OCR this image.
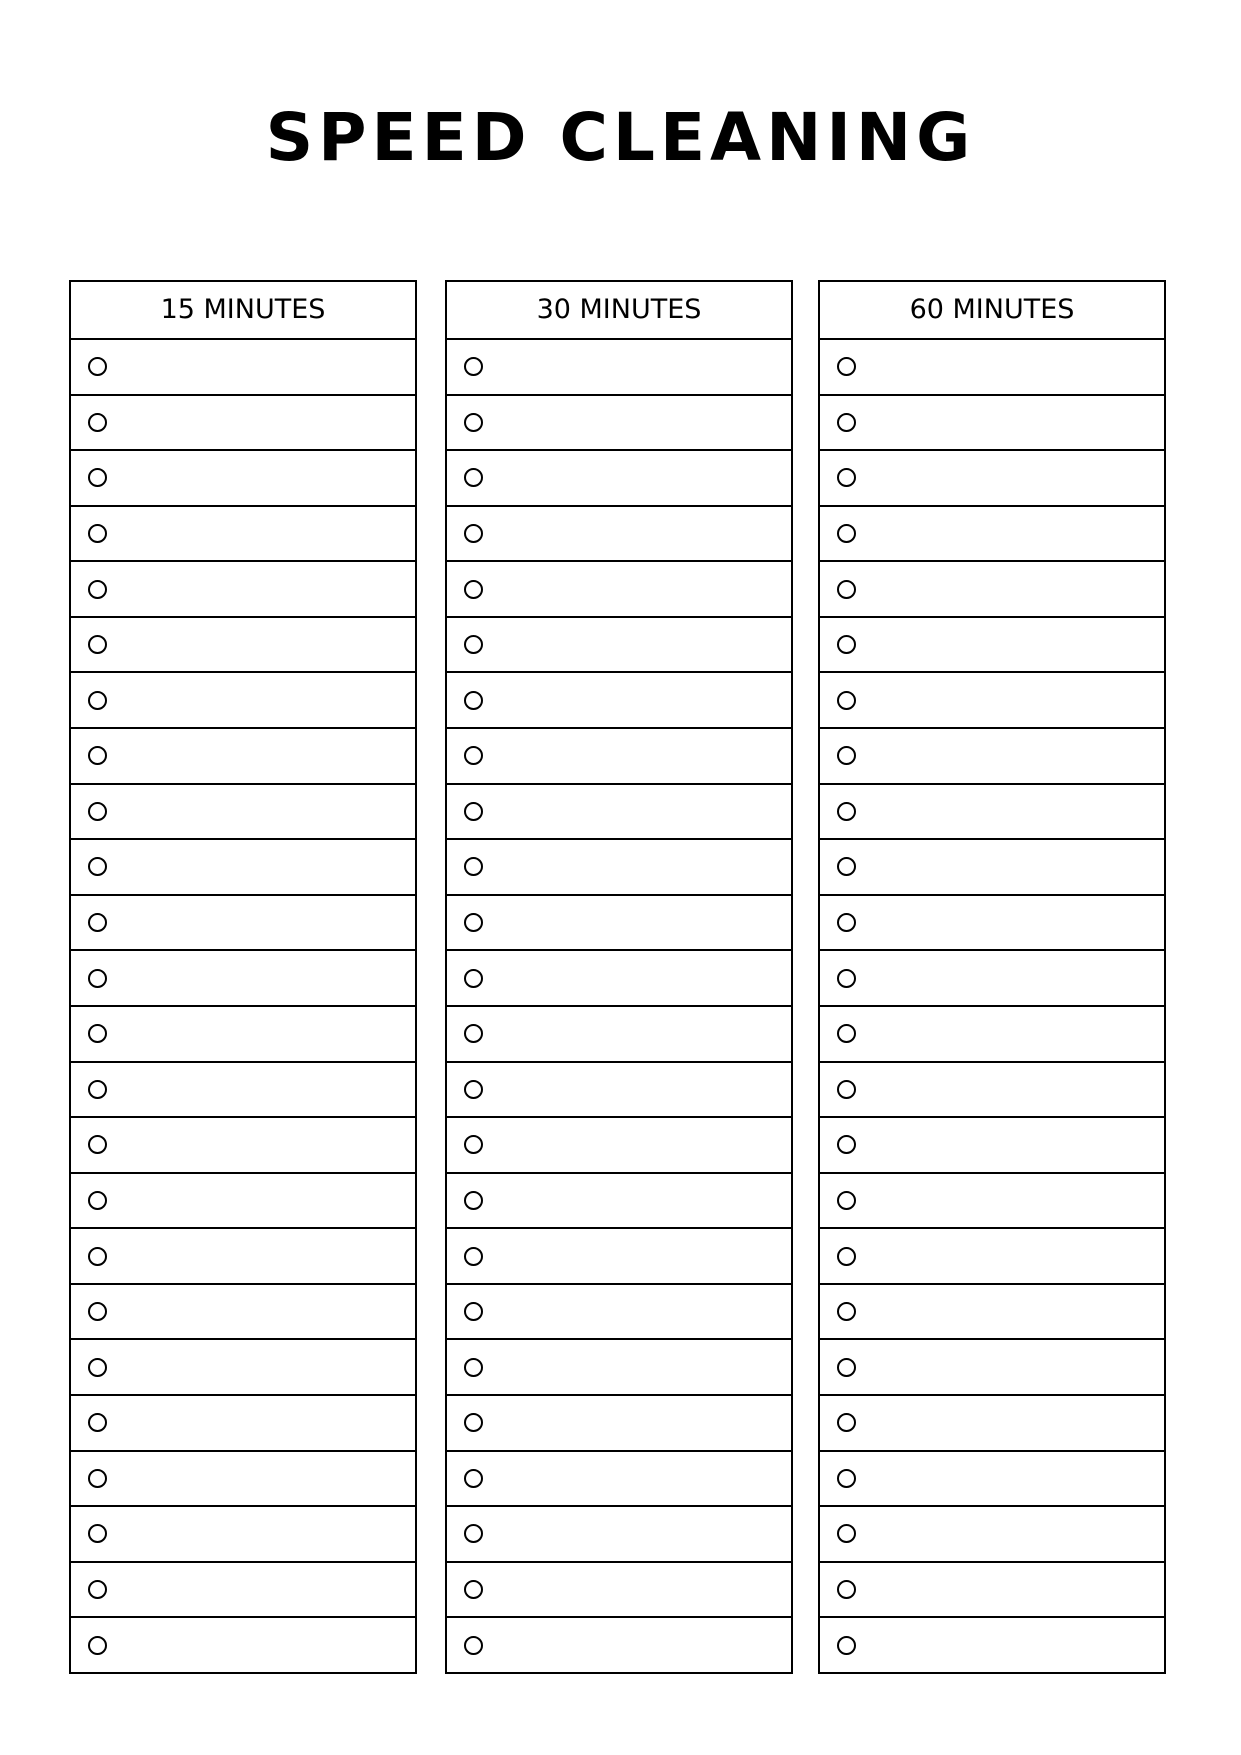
SPEED CLEANING
15 MINUTES	30 MINUTES	60 MINUTES
